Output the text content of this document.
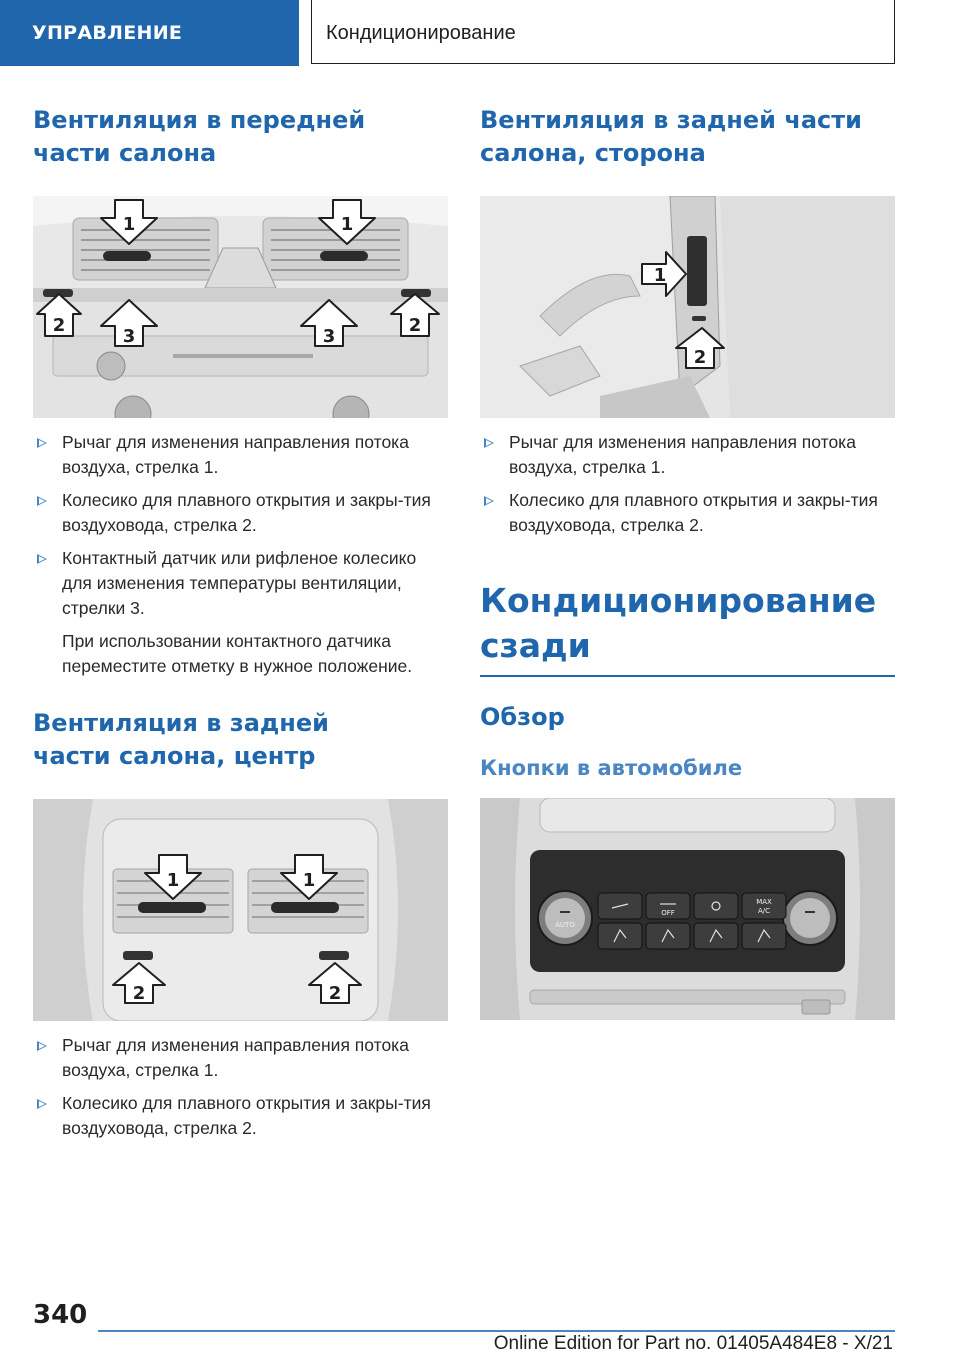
УПРАВЛЕНИЕ	Кондиционирование
Вентиляция в передней части салона
1	1
2
3	3
2
Рычаг для изменения направления потока воздуха, стрелка 1.
Колесико для плавного открытия и закры-тия воздуховода, стрелка 2.
Контактный датчик или рифленое колесико для изменения температуры вентиляции, стрелки 3.

При использовании контактного датчика переместите отметку в нужное положение.

Вентиляция в задней части салона, центр
1	1
2	2
Рычаг для изменения направления потока воздуха, стрелка 1.
Колесико для плавного открытия и закры-тия воздуховода, стрелка 2.
Вентиляция в задней части салона, сторона
1
2
Рычаг для изменения направления потока воздуха, стрелка 1.
Колесико для плавного открытия и закры-тия воздуховода, стрелка 2.
Кондиционирование сзади
Обзор
Кнопки в автомобиле
AUTO
OFF
MAX
A/C
340
Online Edition for Part no. 01405A484E8 - X/21
